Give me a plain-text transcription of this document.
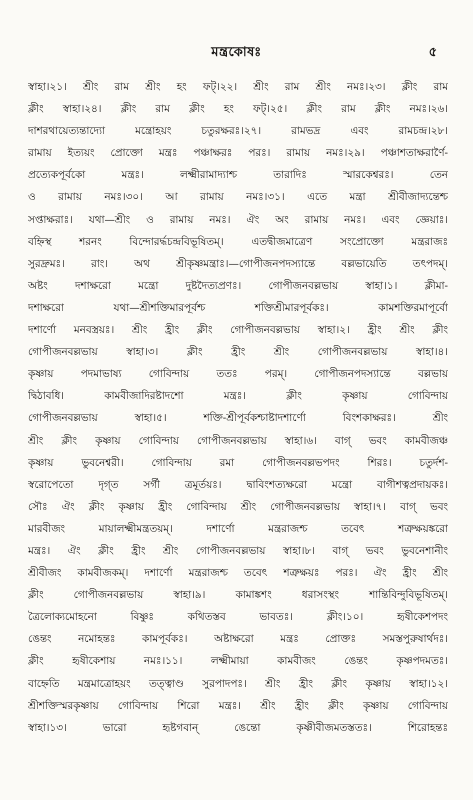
মন্ত্রকোষঃ	৫
স্বাহা।২১। শ্রীং রাম শ্রীং হং ফট্।২২। শ্রীং রাম শ্রীং নমঃ।২৩। ক্লীং রাম
ক্লীং স্বাহা।২৪। ক্লীং রাম ক্লীং হং ফট্।২৫। ক্লীং রাম ক্লীং নমঃ।২৬।
দাশরথায়েত্যন্তাদ্যো মন্ত্রোহয়ং চতুরক্ষরঃ।২৭। রামভদ্র এবং রামচন্দ্র।২৮।
রামায় ইত্যয়ং প্রোক্তো মন্ত্রঃ পঞ্চাক্ষরঃ পরঃ। রামায় নমঃ।২৯। পঞ্চাশতাক্ষরার্ণৈ-
প্রত্যেকপূর্বকো মন্ত্রঃ। লক্ষ্মীরামাদ্যাশ্চ তারাদিঃ স্মারকেশ্বরঃ। তেন
ও রামায় নমঃ।৩০। আ রামায় নমঃ।৩১। এতে মন্ত্রা শ্রীবীজাদ্যন্তেশ্চ
সপ্তাক্ষরাঃ। যথা—শ্রীং ও রামায় নমঃ। ঐং অং রামায় নমঃ। এবং জ্ঞেয়াঃ।
বহ্নিস্থ শরনং বিন্দোরর্দ্ধচন্দ্রবিভূষিতম্। এতদ্বীজমাত্রেণ সংপ্রোক্তো মন্ত্ররাজঃ
সুরদ্রুমঃ। রাং। অথ শ্রীকৃষ্ণমন্ত্রাঃ।—গোপীজনপদস্যান্তে বল্লভায়েতি তৎপদম্।
অষ্টং দশাক্ষরো মন্ত্রো দুষ্টদৈত্যপ্রণঃ। গোপীজনবল্লভায় স্বাহা।১। ক্লীমা-
দশাক্ষরো যথা—শ্রীশক্তিমারপূর্বশ্চ শক্তিশ্রীমারপূর্বকঃ। কামশক্তিরমাপূর্বো
দশার্ণো মনবস্ত্রয়ঃ। শ্রীং হ্রীং ক্লীং গোপীজনবল্লভায় স্বাহা।২। হ্রীং শ্রীং ক্লীং
গোপীজনবল্লভায় স্বাহা।৩। ক্লীং হ্রীং শ্রীং গোপীজনবল্লভায় স্বাহা।৪।
কৃষ্ণায় পদমাভাষ্য গোবিন্দায় ততঃ পরম্। গোপীজনপদস্যান্তে বল্লভায়
দ্বিঠাবধি। কামবীজাদিরষ্টাদশো মন্ত্রঃ। ক্লীং কৃষ্ণায় গোবিন্দায়
গোপীজনবল্লভায় স্বাহা।৫। শক্তি-শ্রীপূর্বকশ্চাষ্টাদশার্ণো বিংশকাক্ষরঃ। শ্রীং
শ্রীং ক্লীং কৃষ্ণায় গোবিন্দায় গোপীজনবল্লভায় স্বাহা।৬। বাগ্ ভবং কামবীজঞ্চ
কৃষ্ণায় ভুবনেশ্বরী। গোবিন্দায় রমা গোপীজনবল্লভপদং শিরঃ। চতুর্দশ-
স্বরোপেতো দৃগ্ত সর্গী ত্রমূর্তয়ঃ। দ্বাবিংশত্যক্ষরো মন্ত্রো বাগীশত্বপ্রদায়কঃ।
সৌঃ ঐং ক্লীং কৃষ্ণায় হ্রীং গোবিন্দায় শ্রীং গোপীজনবল্লভায় স্বাহা।৭। বাগ্ ভবং
মারবীজং মায়ালক্ষ্মীমন্ত্রতয়ম্। দশার্ণো মন্ত্ররাজশ্চ তবেৎ শত্রুক্ষয়ঙ্করো
মন্ত্রঃ। ঐং ক্লীং হ্রীং শ্রীং গোপীজনবল্লভায় স্বাহা।৮। বাগ্ ভবং ভুবনেশানীং
শ্রীবীজং কামবীজকম্। দশার্ণো মন্ত্ররাজশ্চ তবেৎ শত্রুক্ষয়ঃ পরঃ। ঐং হ্রীং শ্রীং
ক্লীং গোপীজনবল্লভায় স্বাহা।৯। কামাঙ্কশং ধরাসংস্থং শান্তিবিন্দুবিভূষিতম্।
ত্রৈলোক্যমোহনো বিষ্ণুঃ কথিতস্তব ভাবতঃ। ক্লীং।১০। হৃষীকেশপদং
ঙেন্তং নমোহন্তঃ কামপূর্বকঃ। অষ্টাক্ষরো মন্ত্রঃ প্রোক্তঃ সমস্তপুরুষার্থদঃ।
ক্লীং হৃষীকেশায় নমঃ।১১। লক্ষ্মীমায়া কামবীজং ঙেন্তং কৃষ্ণপদমতঃ।
বাহ্নেতি মন্ত্রমাত্রোহয়ং তত্ত্বাণ্ড সুরপাদপঃ। শ্রীং হ্রীং ক্লীং কৃষ্ণায় স্বাহা।১২।
শ্রীশক্তিস্মরকৃষ্ণায় গোবিন্দায় শিরো মন্ত্রঃ। শ্রীং হ্রীং ক্লীং কৃষ্ণায় গোবিন্দায়
স্বাহা।১৩। ভারো হৃষ্টগবান্ ঙেন্তো কৃষ্ণীবীজমতস্ততঃ। শিরোহন্তঃ
